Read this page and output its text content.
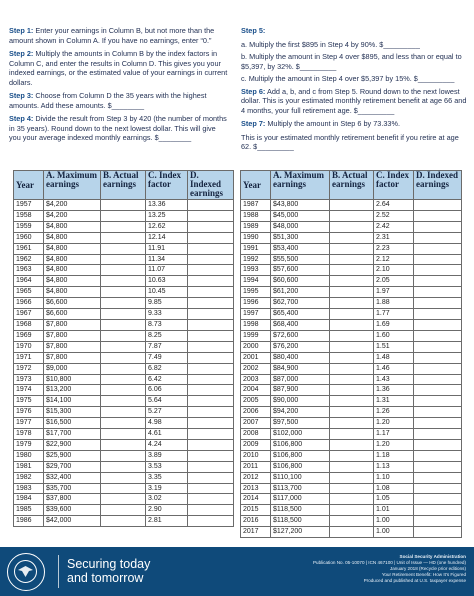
Step 1: Enter your earnings in Column B, but not more than the amount shown in Column A. If you have no earnings, enter “0.”

Step 2: Multiply the amounts in Column B by the index factors in Column C, and enter the results in Column D. This gives you your indexed earnings, or the estimated value of your earnings in current dollars.

Step 3: Choose from Column D the 35 years with the highest amounts. Add these amounts. $________

Step 4: Divide the result from Step 3 by 420 (the number of months in 35 years). Round down to the next lowest dollar. This will give you your average indexed monthly earnings. $________

Step 5:

a. Multiply the first $895 in Step 4 by 90%. $_________

b. Multiply the amount in Step 4 over $895, and less than or equal to $5,397, by 32%. $_________

c. Multiply the amount in Step 4 over $5,397 by 15%. $_________

Step 6: Add a, b, and c from Step 5. Round down to the next lowest dollar. This is your estimated monthly retirement benefit at age 66 and 4 months, your full retirement age. $_________

Step 7: Multiply the amount in Step 6 by 73.33%.

This is your estimated monthly retirement benefit if you retire at age 62. $_________

Year	A. Maximum earnings	B. Actual earnings	C. Index factor	D. Indexed earnings
1957	$4,200		13.36	
1958	$4,200		13.25	
1959	$4,800		12.62	
1960	$4,800		12.14	
1961	$4,800		11.91	
1962	$4,800		11.34	
1963	$4,800		11.07	
1964	$4,800		10.63	
1965	$4,800		10.45	
1966	$6,600		9.85	
1967	$6,600		9.33	
1968	$7,800		8.73	
1969	$7,800		8.25	
1970	$7,800		7.87	
1971	$7,800		7.49	
1972	$9,000		6.82	
1973	$10,800		6.42	
1974	$13,200		6.06	
1975	$14,100		5.64	
1976	$15,300		5.27	
1977	$16,500		4.98	
1978	$17,700		4.61	
1979	$22,900		4.24	
1980	$25,900		3.89	
1981	$29,700		3.53	
1982	$32,400		3.35	
1983	$35,700		3.19	
1984	$37,800		3.02	
1985	$39,600		2.90	
1986	$42,000		2.81	
Year	A. Maximum earnings	B. Actual earnings	C. Index factor	D. Indexed earnings
1987	$43,800		2.64	
1988	$45,000		2.52	
1989	$48,000		2.42	
1990	$51,300		2.31	
1991	$53,400		2.23	
1992	$55,500		2.12	
1993	$57,600		2.10	
1994	$60,600		2.05	
1995	$61,200		1.97	
1996	$62,700		1.88	
1997	$65,400		1.77	
1998	$68,400		1.69	
1999	$72,600		1.60	
2000	$76,200		1.51	
2001	$80,400		1.48	
2002	$84,900		1.46	
2003	$87,000		1.43	
2004	$87,900		1.36	
2005	$90,000		1.31	
2006	$94,200		1.26	
2007	$97,500		1.20	
2008	$102,000		1.17	
2009	$106,800		1.20	
2010	$106,800		1.18	
2011	$106,800		1.13	
2012	$110,100		1.10	
2013	$113,700		1.08	
2014	$117,000		1.05	
2015	$118,500		1.01	
2016	$118,500		1.00	
2017	$127,200		1.00	
Securing today
and tomorrow
Social Security Administration
Publication No. 05-10070 | ICN 467100 | Unit of Issue — HD (one hundred)
January 2018 (Recycle prior editions)
Your Retirement Benefit: How It’s Figured
Produced and published at U.S. taxpayer expense
